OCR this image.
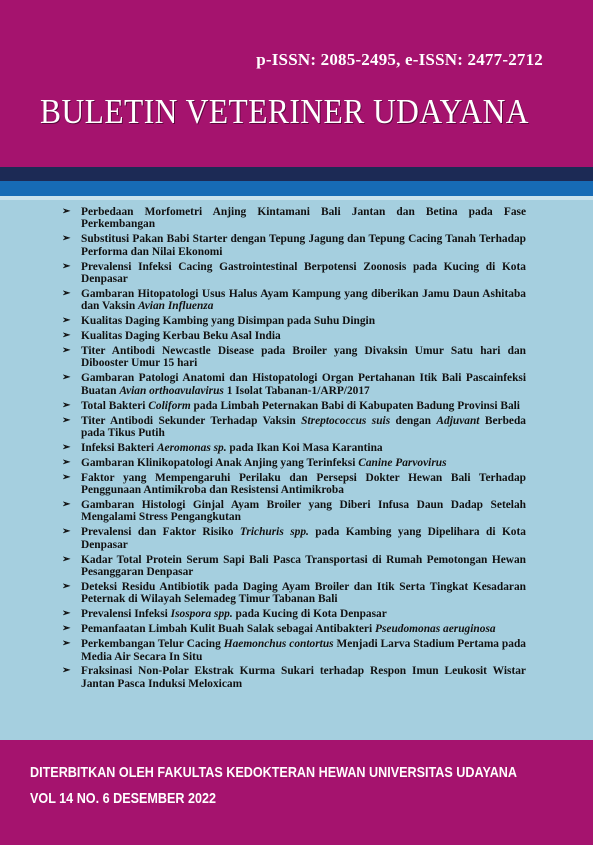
p-ISSN: 2085-2495, e-ISSN: 2477-2712
BULETIN VETERINER UDAYANA
➢ Perbedaan Morfometri Anjing Kintamani Bali Jantan dan Betina pada Fase Perkembangan
➢ Substitusi Pakan Babi Starter dengan Tepung Jagung dan Tepung Cacing Tanah Terhadap Performa dan Nilai Ekonomi
➢ Prevalensi Infeksi Cacing Gastrointestinal Berpotensi Zoonosis pada Kucing di Kota Denpasar
➢ Gambaran Hitopatologi Usus Halus Ayam Kampung yang diberikan Jamu Daun Ashitaba dan Vaksin Avian Influenza
➢ Kualitas Daging Kambing yang Disimpan pada Suhu Dingin
➢ Kualitas Daging Kerbau Beku Asal India
➢ Titer Antibodi Newcastle Disease pada Broiler yang Divaksin Umur Satu hari dan Dibooster Umur 15 hari
➢ Gambaran Patologi Anatomi dan Histopatologi Organ Pertahanan Itik Bali Pascainfeksi Buatan Avian orthoavulavirus 1 Isolat Tabanan-1/ARP/2017
➢ Total Bakteri Coliform pada Limbah Peternakan Babi di Kabupaten Badung Provinsi Bali
➢ Titer Antibodi Sekunder Terhadap Vaksin Streptococcus suis dengan Adjuvant Berbeda pada Tikus Putih
➢ Infeksi Bakteri Aeromonas sp. pada Ikan Koi Masa Karantina
➢ Gambaran Klinikopatologi Anak Anjing yang Terinfeksi Canine Parvovirus
➢ Faktor yang Mempengaruhi Perilaku dan Persepsi Dokter Hewan Bali Terhadap Penggunaan Antimikroba dan Resistensi Antimikroba
➢ Gambaran Histologi Ginjal Ayam Broiler yang Diberi Infusa Daun Dadap Setelah Mengalami Stress Pengangkutan
➢ Prevalensi dan Faktor Risiko Trichuris spp. pada Kambing yang Dipelihara di Kota Denpasar
➢ Kadar Total Protein Serum Sapi Bali Pasca Transportasi di Rumah Pemotongan Hewan Pesanggaran Denpasar
➢ Deteksi Residu Antibiotik pada Daging Ayam Broiler dan Itik Serta Tingkat Kesadaran Peternak di Wilayah Selemadeg Timur Tabanan Bali
➢ Prevalensi Infeksi Isospora spp. pada Kucing di Kota Denpasar
➢ Pemanfaatan Limbah Kulit Buah Salak sebagai Antibakteri Pseudomonas aeruginosa
➢ Perkembangan Telur Cacing Haemonchus contortus Menjadi Larva Stadium Pertama pada Media Air Secara In Situ
➢ Fraksinasi Non-Polar Ekstrak Kurma Sukari terhadap Respon Imun Leukosit Wistar Jantan Pasca Induksi Meloxicam
DITERBITKAN OLEH FAKULTAS KEDOKTERAN HEWAN UNIVERSITAS UDAYANA
VOL 14 NO. 6 DESEMBER 2022
